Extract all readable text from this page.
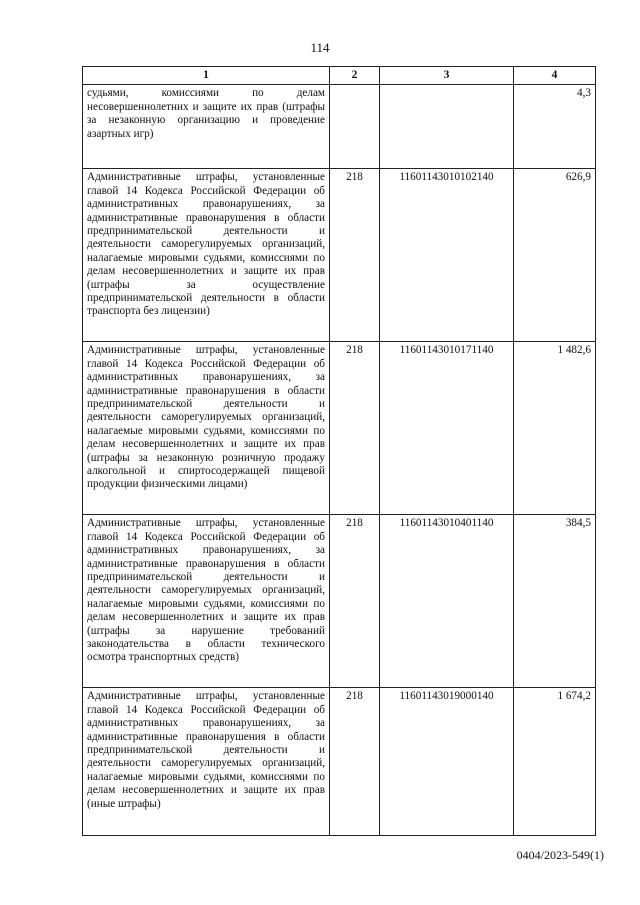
114
1	2	3	4
судьями, комиссиями по делам несовершеннолетних и защите их прав (штрафы за незаконную организацию и проведение азартных игр)			4,3
Административные штрафы, установленные главой 14 Кодекса Российской Федерации об административных правонарушениях, за административные правонарушения в области предпринимательской деятельности и деятельности саморегулируемых организаций, налагаемые мировыми судьями, комиссиями по делам несовершеннолетних и защите их прав (штрафы за осуществление предпринимательской деятельности в области транспорта без лицензии)	218	11601143010102140	626,9
Административные штрафы, установленные главой 14 Кодекса Российской Федерации об административных правонарушениях, за административные правонарушения в области предпринимательской деятельности и деятельности саморегулируемых организаций, налагаемые мировыми судьями, комиссиями по делам несовершеннолетних и защите их прав (штрафы за незаконную розничную продажу алкогольной и спиртосодержащей пищевой продукции физическими лицами)	218	11601143010171140	1 482,6
Административные штрафы, установленные главой 14 Кодекса Российской Федерации об административных правонарушениях, за административные правонарушения в области предпринимательской деятельности и деятельности саморегулируемых организаций, налагаемые мировыми судьями, комиссиями по делам несовершеннолетних и защите их прав (штрафы за нарушение требований законодательства в области технического осмотра транспортных средств)	218	11601143010401140	384,5
Административные штрафы, установленные главой 14 Кодекса Российской Федерации об административных правонарушениях, за административные правонарушения в области предпринимательской деятельности и деятельности саморегулируемых организаций, налагаемые мировыми судьями, комиссиями по делам несовершеннолетних и защите их прав (иные штрафы)	218	11601143019000140	1 674,2
0404/2023-549(1)
